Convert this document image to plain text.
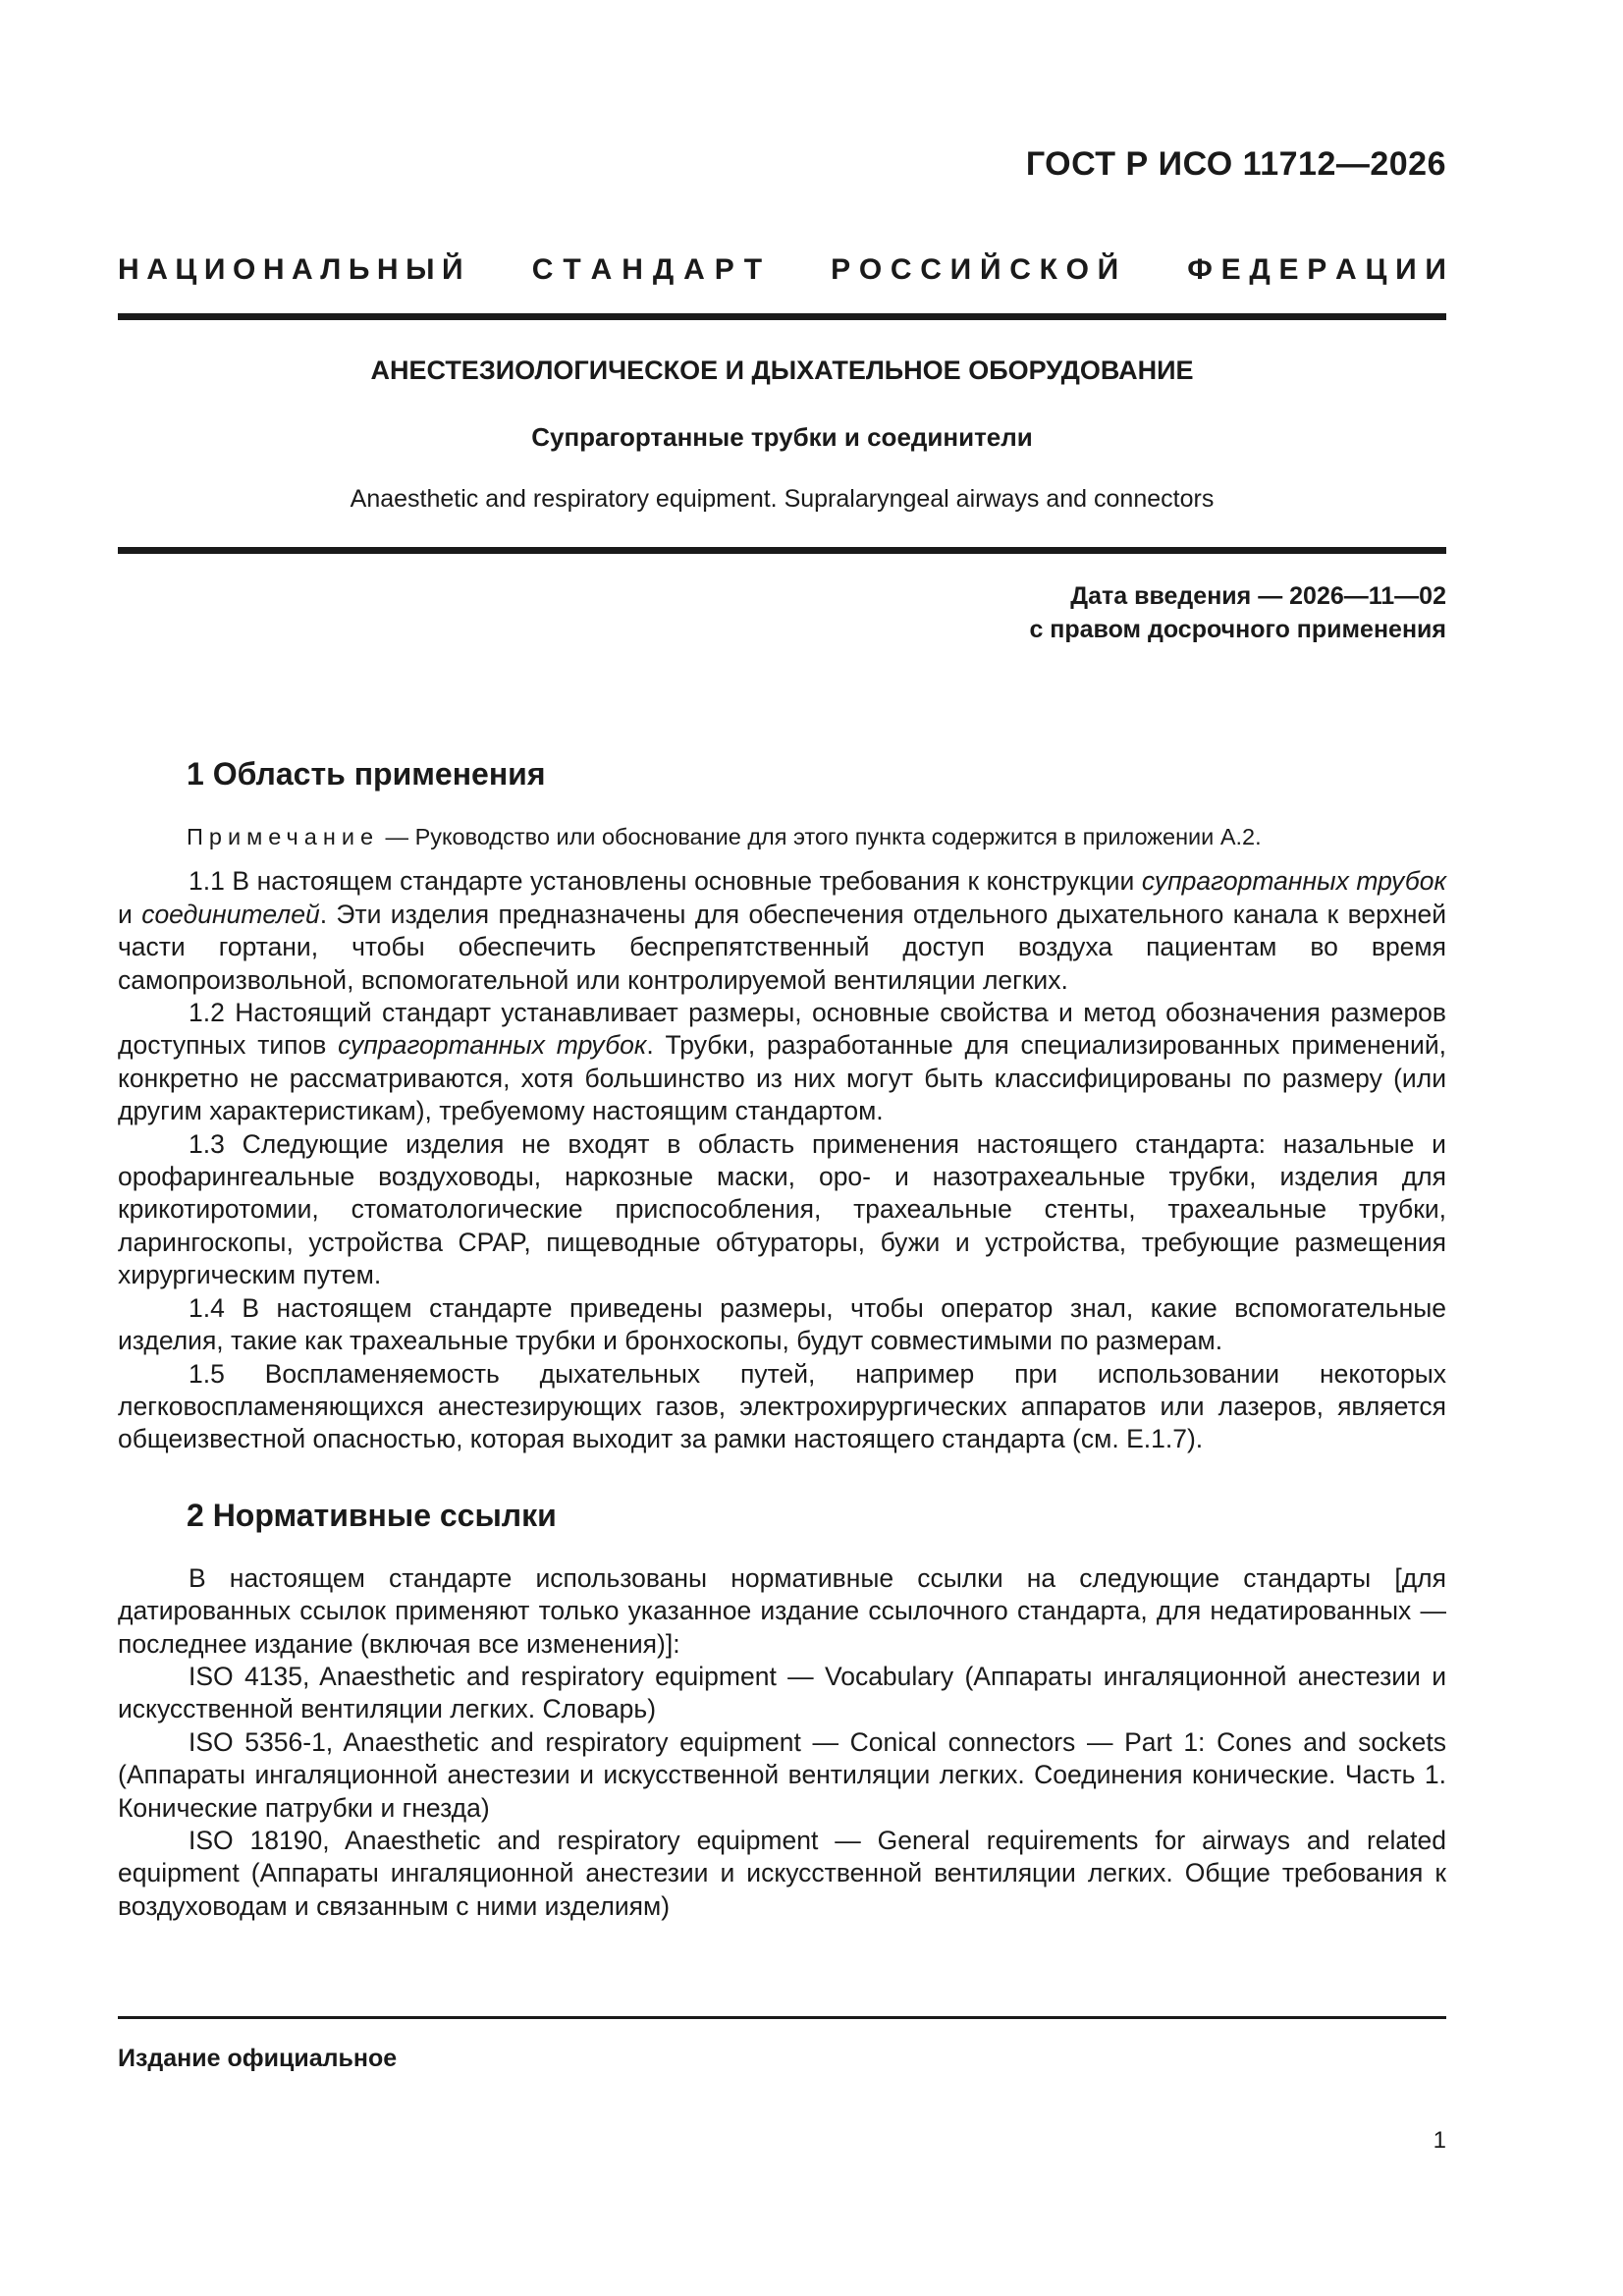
ГОСТ Р ИСО 11712—2026
Н А Ц И О Н А Л Ь Н Ы Й С Т А Н Д А Р Т Р О С С И Й С К О Й Ф Е Д Е Р А Ц И И
АНЕСТЕЗИОЛОГИЧЕСКОЕ И ДЫХАТЕЛЬНОЕ ОБОРУДОВАНИЕ
Супрагортанные трубки и соединители
Anaesthetic and respiratory equipment. Supralaryngeal airways and connectors
Дата введения — 2026—11—02
с правом досрочного применения
1 Область применения

Примечание — Руководство или обоснование для этого пункта содержится в приложении А.2.

1.1 В настоящем стандарте установлены основные требования к конструкции супрагортанных трубок и соединителей. Эти изделия предназначены для обеспечения отдельного дыхательного канала к верхней части гортани, чтобы обеспечить беспрепятственный доступ воздуха пациентам во время самопроизвольной, вспомогательной или контролируемой вентиляции легких.

1.2 Настоящий стандарт устанавливает размеры, основные свойства и метод обозначения размеров доступных типов супрагортанных трубок. Трубки, разработанные для специализированных применений, конкретно не рассматриваются, хотя большинство из них могут быть классифицированы по размеру (или другим характеристикам), требуемому настоящим стандартом.

1.3 Следующие изделия не входят в область применения настоящего стандарта: назальные и орофарингеальные воздуховоды, наркозные маски, оро- и назотрахеальные трубки, изделия для крикотиротомии, стоматологические приспособления, трахеальные стенты, трахеальные трубки, ларингоскопы, устройства CPAP, пищеводные обтураторы, бужи и устройства, требующие размещения хирургическим путем.

1.4 В настоящем стандарте приведены размеры, чтобы оператор знал, какие вспомогательные изделия, такие как трахеальные трубки и бронхоскопы, будут совместимыми по размерам.

1.5 Воспламеняемость дыхательных путей, например при использовании некоторых легковоспламеняющихся анестезирующих газов, электрохирургических аппаратов или лазеров, является общеизвестной опасностью, которая выходит за рамки настоящего стандарта (см. Е.1.7).

2 Нормативные ссылки

В настоящем стандарте использованы нормативные ссылки на следующие стандарты [для датированных ссылок применяют только указанное издание ссылочного стандарта, для недатированных — последнее издание (включая все изменения)]:

ISO 4135, Anaesthetic and respiratory equipment — Vocabulary (Аппараты ингаляционной анестезии и искусственной вентиляции легких. Словарь)

ISO 5356-1, Anaesthetic and respiratory equipment — Conical connectors — Part 1: Cones and sockets (Аппараты ингаляционной анестезии и искусственной вентиляции легких. Соединения конические. Часть 1. Конические патрубки и гнезда)

ISO 18190, Anaesthetic and respiratory equipment — General requirements for airways and related equipment (Аппараты ингаляционной анестезии и искусственной вентиляции легких. Общие требования к воздуховодам и связанным с ними изделиям)

Издание официальное
1
